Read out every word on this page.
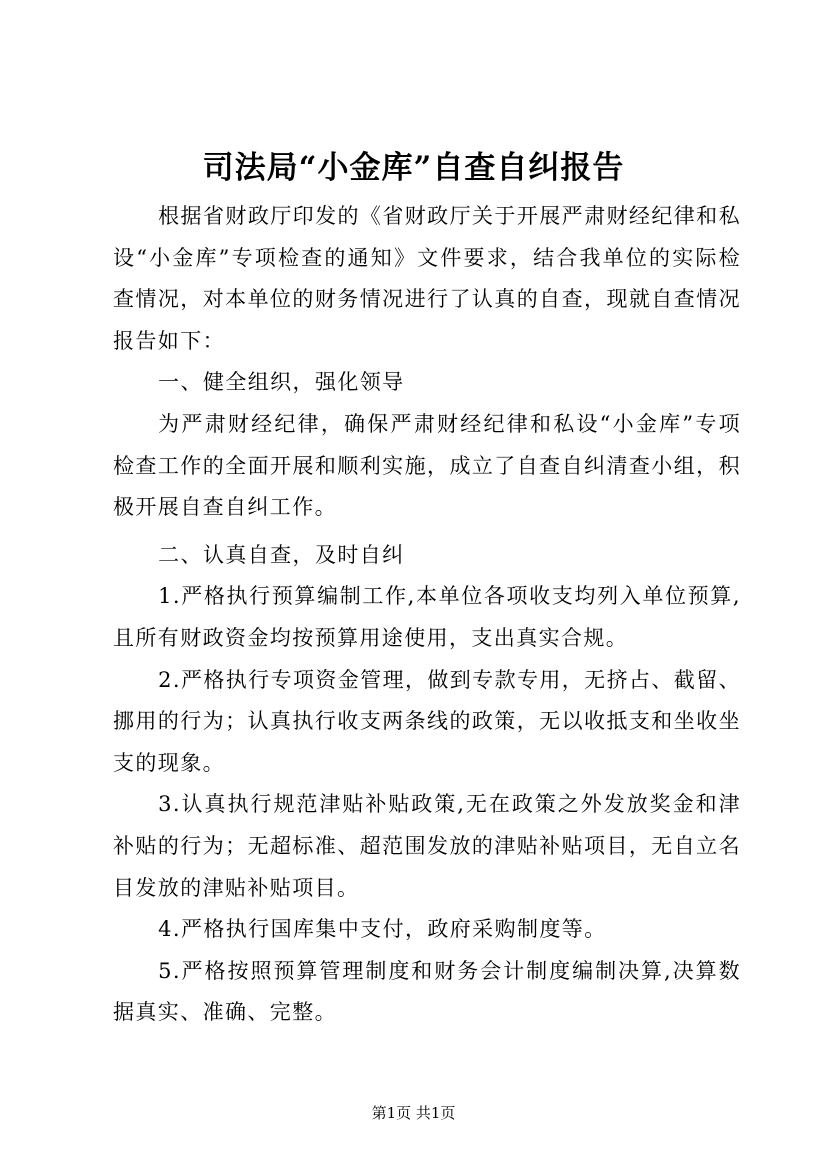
司法局“小金库”自查自纠报告

根据省财政厅印发的《省财政厅关于开展严肃财经纪律和私设“小金库”专项检查的通知》文件要求，结合我单位的实际检查情况，对本单位的财务情况进行了认真的自查，现就自查情况报告如下：

一、健全组织，强化领导

为严肃财经纪律，确保严肃财经纪律和私设“小金库”专项检查工作的全面开展和顺利实施，成立了自查自纠清查小组，积极开展自查自纠工作。

二、认真自查，及时自纠

1.严格执行预算编制工作,本单位各项收支均列入单位预算,且所有财政资金均按预算用途使用，支出真实合规。

2.严格执行专项资金管理，做到专款专用，无挤占、截留、挪用的行为；认真执行收支两条线的政策，无以收抵支和坐收坐支的现象。

3.认真执行规范津贴补贴政策,无在政策之外发放奖金和津补贴的行为；无超标准、超范围发放的津贴补贴项目，无自立名目发放的津贴补贴项目。

4.严格执行国库集中支付，政府采购制度等。

5.严格按照预算管理制度和财务会计制度编制决算,决算数据真实、准确、完整。

第1页 共1页
